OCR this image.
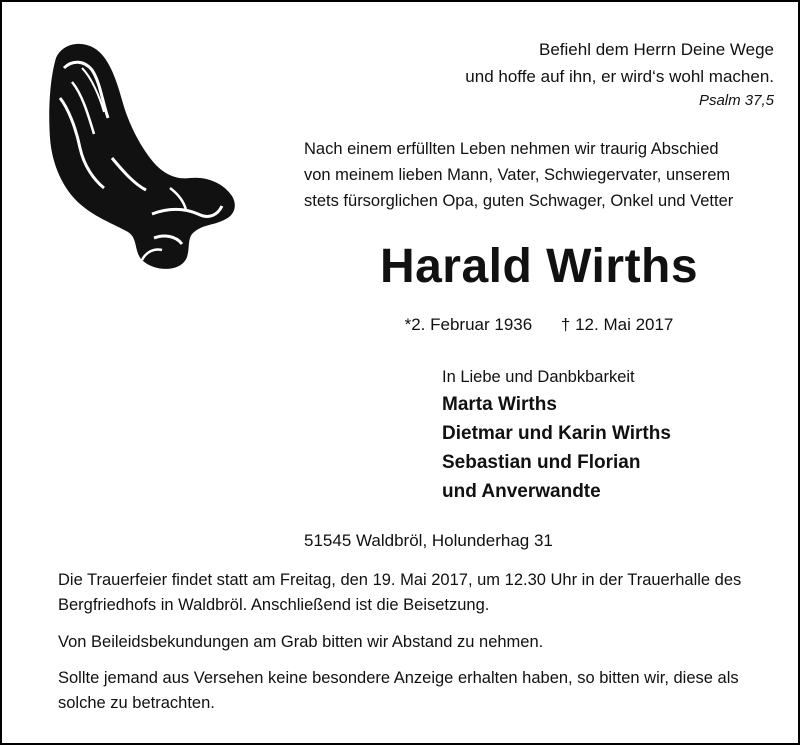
Befiehl dem Herrn Deine Wege
und hoffe auf ihn, er wird‘s wohl machen.
Psalm 37,5
Nach einem erfüllten Leben nehmen wir traurig Abschied
von meinem lieben Mann, Vater, Schwiegervater, unserem
stets fürsorglichen Opa, guten Schwager, Onkel und Vetter
Harald Wirths
*2. Februar 1936 † 12. Mai 2017
In Liebe und Danbkbarkeit
Marta Wirths
Dietmar und Karin Wirths
Sebastian und Florian
und Anverwandte
51545 Waldbröl, Holunderhag 31
Die Trauerfeier findet statt am Freitag, den 19. Mai 2017, um 12.30 Uhr in der Trauerhalle des
Bergfriedhofs in Waldbröl. Anschließend ist die Beisetzung.
Von Beileidsbekundungen am Grab bitten wir Abstand zu nehmen.
Sollte jemand aus Versehen keine besondere Anzeige erhalten haben, so bitten wir, diese als
solche zu betrachten.
